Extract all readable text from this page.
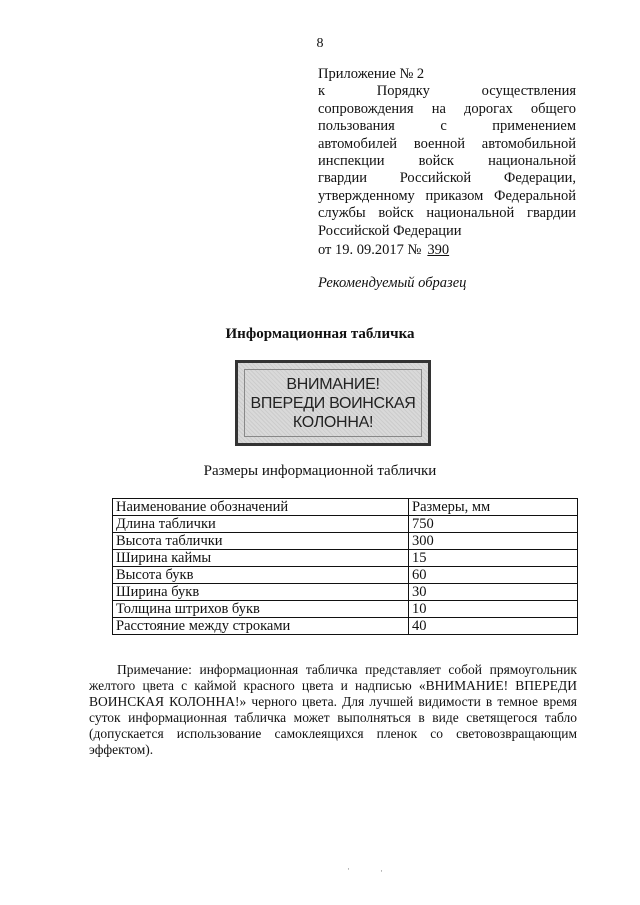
8
Приложение № 2
к Порядку осуществления
сопровождения на дорогах общего
пользования с применением
автомобилей военной автомобильной
инспекции войск национальной
гвардии Российской Федерации,
утвержденному приказом Федеральной
службы войск национальной гвардии
Российской Федерации
от 19. 09.2017 № 390
Рекомендуемый образец
Информационная табличка
ВНИМАНИЕ!
ВПЕРЕДИ ВОИНСКАЯ
КОЛОННА!
Размеры информационной таблички
Наименование обозначений	Размеры, мм
Длина таблички	750
Высота таблички	300
Ширина каймы	15
Высота букв	60
Ширина букв	30
Толщина штрихов букв	10
Расстояние между строками	40
Примечание: информационная табличка представляет собой прямоугольник желтого цвета с каймой красного цвета и надписью «ВНИМАНИЕ! ВПЕРЕДИ ВОИНСКАЯ КОЛОННА!» черного цвета. Для лучшей видимости в темное время суток информационная табличка может выполняться в виде светящегося табло (допускается использование самоклеящихся пленок со световозвращающим эффектом).
·	·
